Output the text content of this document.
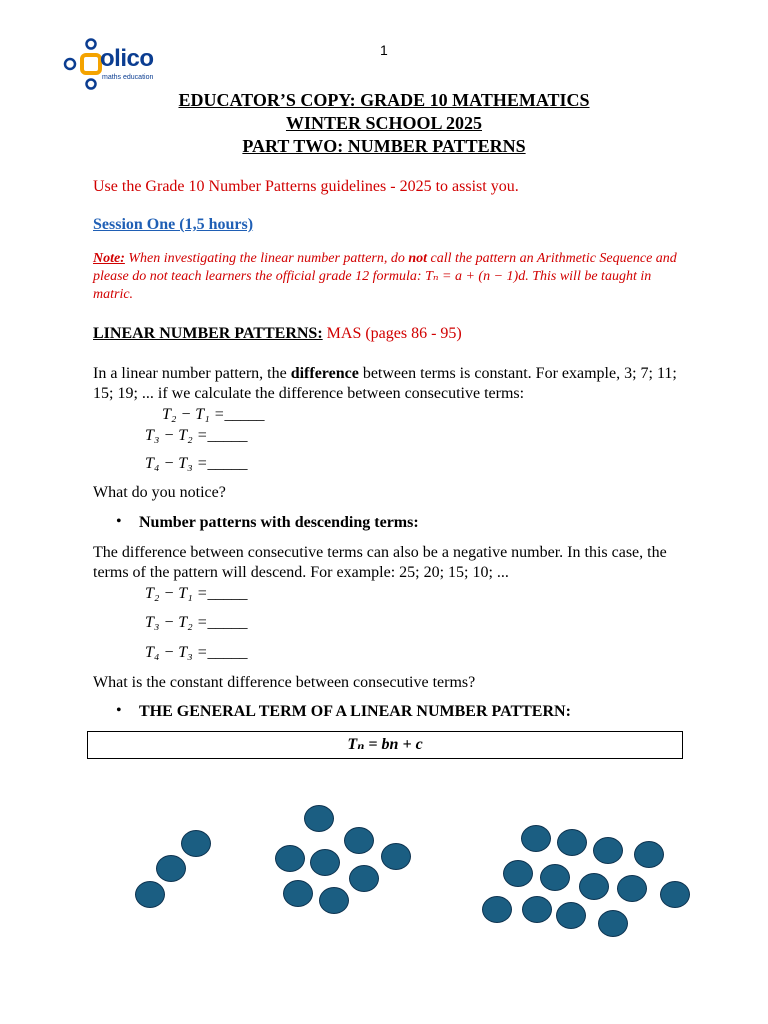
1
olico
maths education
EDUCATOR’S COPY: GRADE 10 MATHEMATICS
WINTER SCHOOL 2025
PART TWO: NUMBER PATTERNS
Use the Grade 10 Number Patterns guidelines - 2025 to assist you.
Session One (1,5 hours)
Note: When investigating the linear number pattern, do not call the pattern an Arithmetic Sequence and please do not teach learners the official grade 12 formula: Tₙ = a + (n − 1)d. This will be taught in matric.
LINEAR NUMBER PATTERNS: MAS (pages 86 - 95)
In a linear number pattern, the difference between terms is constant. For example, 3; 7; 11; 15; 19; ... if we calculate the difference between consecutive terms:
T₂ − T₁ =_____
T₃ − T₂ =_____
T₄ − T₃ =_____
What do you notice?
• Number patterns with descending terms:
The difference between consecutive terms can also be a negative number. In this case, the terms of the pattern will descend. For example: 25; 20; 15; 10; ...
T₂ − T₁ =_____
T₃ − T₂ =_____
T₄ − T₃ =_____
What is the constant difference between consecutive terms?
• THE GENERAL TERM OF A LINEAR NUMBER PATTERN:
Tₙ = bn + c
